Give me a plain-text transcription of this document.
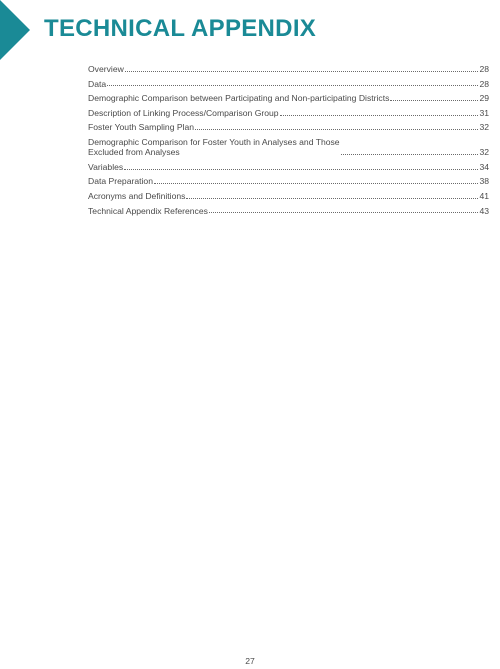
TECHNICAL APPENDIX
Overview	28
Data	28
Demographic Comparison between Participating and Non-participating Districts	29
Description of Linking Process/Comparison Group	31
Foster Youth Sampling Plan	32
Demographic Comparison for Foster Youth in Analyses and Those
Excluded from Analyses	32
Variables	34
Data Preparation	38
Acronyms and Definitions	41
Technical Appendix References	43
27
